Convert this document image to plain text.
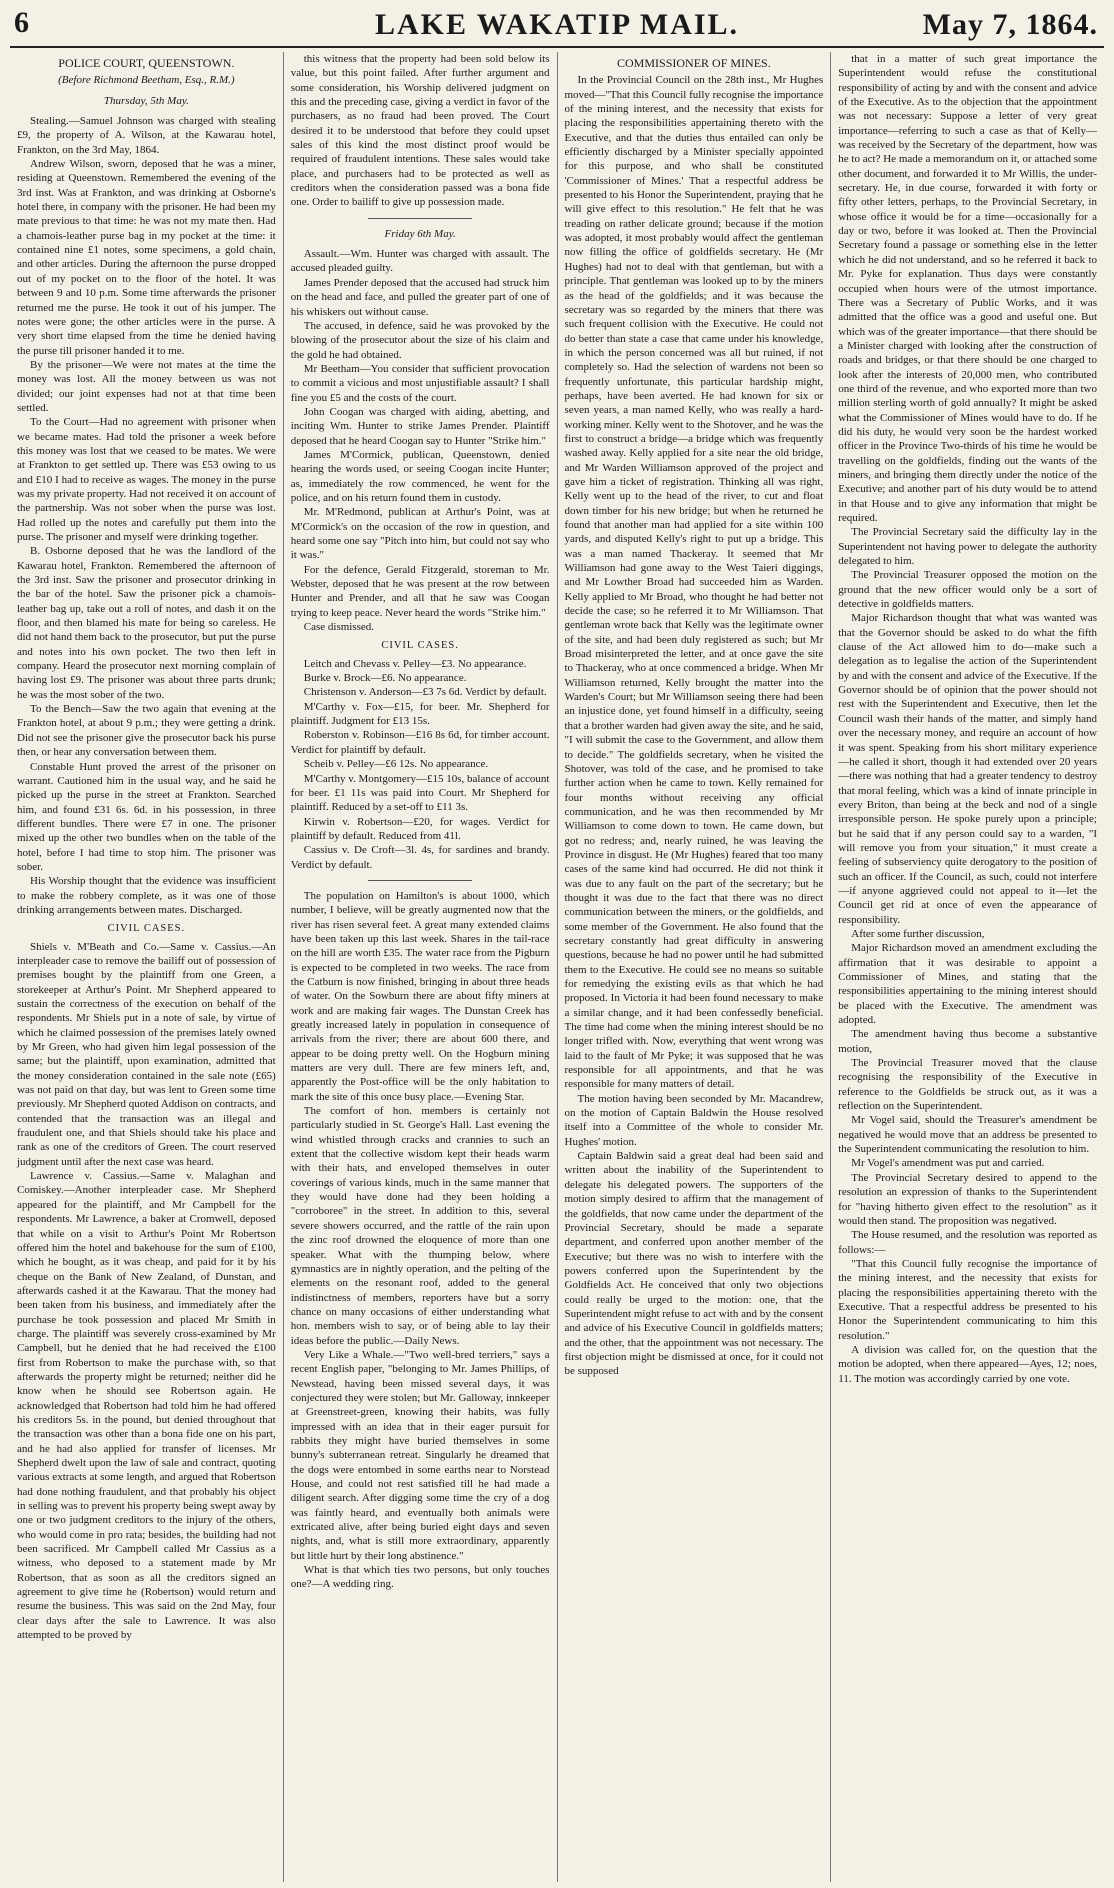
6	LAKE WAKATIP MAIL.	May 7, 1864.
POLICE COURT, QUEENSTOWN.
(Before Richmond Beetham, Esq., R.M.)
Thursday, 5th May.

Stealing.—Samuel Johnson was charged with stealing £9, the property of A. Wilson, at the Kawarau hotel, Frankton, on the 3rd May, 1864.

Andrew Wilson, sworn, deposed that he was a miner, residing at Queenstown. Remembered the evening of the 3rd inst. Was at Frankton, and was drinking at Osborne's hotel there, in company with the prisoner. He had been my mate previous to that time: he was not my mate then. Had a chamois-leather purse bag in my pocket at the time: it contained nine £1 notes, some specimens, a gold chain, and other articles. During the afternoon the purse dropped out of my pocket on to the floor of the hotel. It was between 9 and 10 p.m. Some time afterwards the prisoner returned me the purse. He took it out of his jumper. The notes were gone; the other articles were in the purse. A very short time elapsed from the time he denied having the purse till prisoner handed it to me.

By the prisoner—We were not mates at the time the money was lost. All the money between us was not divided; our joint expenses had not at that time been settled.

To the Court—Had no agreement with prisoner when we became mates. Had told the prisoner a week before this money was lost that we ceased to be mates. We were at Frankton to get settled up. There was £53 owing to us and £10 I had to receive as wages. The money in the purse was my private property. Had not received it on account of the partnership. Was not sober when the purse was lost. Had rolled up the notes and carefully put them into the purse. The prisoner and myself were drinking together.

B. Osborne deposed that he was the landlord of the Kawarau hotel, Frankton. Remembered the afternoon of the 3rd inst. Saw the prisoner and prosecutor drinking in the bar of the hotel. Saw the prisoner pick a chamois-leather bag up, take out a roll of notes, and dash it on the floor, and then blamed his mate for being so careless. He did not hand them back to the prosecutor, but put the purse and notes into his own pocket. The two then left in company. Heard the prosecutor next morning complain of having lost £9. The prisoner was about three parts drunk; he was the most sober of the two.

To the Bench—Saw the two again that evening at the Frankton hotel, at about 9 p.m.; they were getting a drink. Did not see the prisoner give the prosecutor back his purse then, or hear any conversation between them.

Constable Hunt proved the arrest of the prisoner on warrant. Cautioned him in the usual way, and he said he picked up the purse in the street at Frankton. Searched him, and found £31 6s. 6d. in his possession, in three different bundles. There were £7 in one. The prisoner mixed up the other two bundles when on the table of the hotel, before I had time to stop him. The prisoner was sober.

His Worship thought that the evidence was insufficient to make the robbery complete, as it was one of those drinking arrangements between mates. Discharged.

CIVIL CASES.

Shiels v. M'Beath and Co.—Same v. Cassius.—An interpleader case to remove the bailiff out of possession of premises bought by the plaintiff from one Green, a storekeeper at Arthur's Point. Mr Shepherd appeared to sustain the correctness of the execution on behalf of the respondents. Mr Shiels put in a note of sale, by virtue of which he claimed possession of the premises lately owned by Mr Green, who had given him legal possession of the same; but the plaintiff, upon examination, admitted that the money consideration contained in the sale note (£65) was not paid on that day, but was lent to Green some time previously. Mr Shepherd quoted Addison on contracts, and contended that the transaction was an illegal and fraudulent one, and that Shiels should take his place and rank as one of the creditors of Green. The court reserved judgment until after the next case was heard.

Lawrence v. Cassius.—Same v. Malaghan and Comiskey.—Another interpleader case. Mr Shepherd appeared for the plaintiff, and Mr Campbell for the respondents. Mr Lawrence, a baker at Cromwell, deposed that while on a visit to Arthur's Point Mr Robertson offered him the hotel and bakehouse for the sum of £100, which he bought, as it was cheap, and paid for it by his cheque on the Bank of New Zealand, of Dunstan, and afterwards cashed it at the Kawarau. That the money had been taken from his business, and immediately after the purchase he took possession and placed Mr Smith in charge. The plaintiff was severely cross-examined by Mr Campbell, but he denied that he had received the £100 first from Robertson to make the purchase with, so that afterwards the property might be returned; neither did he know when he should see Robertson again. He acknowledged that Robertson had told him he had offered his creditors 5s. in the pound, but denied throughout that the transaction was other than a bona fide one on his part, and he had also applied for transfer of licenses. Mr Shepherd dwelt upon the law of sale and contract, quoting various extracts at some length, and argued that Robertson had done nothing fraudulent, and that probably his object in selling was to prevent his property being swept away by one or two judgment creditors to the injury of the others, who would come in pro rata; besides, the building had not been sacrificed. Mr Campbell called Mr Cassius as a witness, who deposed to a statement made by Mr Robertson, that as soon as all the creditors signed an agreement to give time he (Robertson) would return and resume the business. This was said on the 2nd May, four clear days after the sale to Lawrence. It was also attempted to be proved by

this witness that the property had been sold below its value, but this point failed. After further argument and some consideration, his Worship delivered judgment on this and the preceding case, giving a verdict in favor of the purchasers, as no fraud had been proved. The Court desired it to be understood that before they could upset sales of this kind the most distinct proof would be required of fraudulent intentions. These sales would take place, and purchasers had to be protected as well as creditors when the consideration passed was a bona fide one. Order to bailiff to give up possession made.

Friday 6th May.

Assault.—Wm. Hunter was charged with assault. The accused pleaded guilty.

James Prender deposed that the accused had struck him on the head and face, and pulled the greater part of one of his whiskers out without cause.

The accused, in defence, said he was provoked by the blowing of the prosecutor about the size of his claim and the gold he had obtained.

Mr Beetham—You consider that sufficient provocation to commit a vicious and most unjustifiable assault? I shall fine you £5 and the costs of the court.

John Coogan was charged with aiding, abetting, and inciting Wm. Hunter to strike James Prender. Plaintiff deposed that he heard Coogan say to Hunter "Strike him."

James M'Cormick, publican, Queenstown, denied hearing the words used, or seeing Coogan incite Hunter; as, immediately the row commenced, he went for the police, and on his return found them in custody.

Mr. M'Redmond, publican at Arthur's Point, was at M'Cormick's on the occasion of the row in question, and heard some one say "Pitch into him, but could not say who it was."

For the defence, Gerald Fitzgerald, storeman to Mr. Webster, deposed that he was present at the row between Hunter and Prender, and all that he saw was Coogan trying to keep peace. Never heard the words "Strike him."

Case dismissed.

CIVIL CASES.

Leitch and Chevass v. Pelley—£3. No appearance.

Burke v. Brock—£6. No appearance.

Christenson v. Anderson—£3 7s 6d. Verdict by default.

M'Carthy v. Fox—£15, for beer. Mr. Shepherd for plaintiff. Judgment for £13 15s.

Roberston v. Robinson—£16 8s 6d, for timber account. Verdict for plaintiff by default.

Scheib v. Pelley—£6 12s. No appearance.

M'Carthy v. Montgomery—£15 10s, balance of account for beer. £1 11s was paid into Court. Mr Shepherd for plaintiff. Reduced by a set-off to £11 3s.

Kirwin v. Robertson—£20, for wages. Verdict for plaintiff by default. Reduced from 41l.

Cassius v. De Croft—3l. 4s, for sardines and brandy. Verdict by default.

The population on Hamilton's is about 1000, which number, I believe, will be greatly augmented now that the river has risen several feet. A great many extended claims have been taken up this last week. Shares in the tail-race on the hill are worth £35. The water race from the Pigburn is expected to be completed in two weeks. The race from the Catburn is now finished, bringing in about three heads of water. On the Sowburn there are about fifty miners at work and are making fair wages. The Dunstan Creek has greatly increased lately in population in consequence of arrivals from the river; there are about 600 there, and appear to be doing pretty well. On the Hogburn mining matters are very dull. There are few miners left, and, apparently the Post-office will be the only habitation to mark the site of this once busy place.—Evening Star.

The comfort of hon. members is certainly not particularly studied in St. George's Hall. Last evening the wind whistled through cracks and crannies to such an extent that the collective wisdom kept their heads warm with their hats, and enveloped themselves in outer coverings of various kinds, much in the same manner that they would have done had they been holding a "corroboree" in the street. In addition to this, several severe showers occurred, and the rattle of the rain upon the zinc roof drowned the eloquence of more than one speaker. What with the thumping below, where gymnastics are in nightly operation, and the pelting of the elements on the resonant roof, added to the general indistinctness of members, reporters have but a sorry chance on many occasions of either understanding what hon. members wish to say, or of being able to lay their ideas before the public.—Daily News.

Very Like a Whale.—"Two well-bred terriers," says a recent English paper, "belonging to Mr. James Phillips, of Newstead, having been missed several days, it was conjectured they were stolen; but Mr. Galloway, innkeeper at Greenstreet-green, knowing their habits, was fully impressed with an idea that in their eager pursuit for rabbits they might have buried themselves in some bunny's subterranean retreat. Singularly he dreamed that the dogs were entombed in some earths near to Norstead House, and could not rest satisfied till he had made a diligent search. After digging some time the cry of a dog was faintly heard, and eventually both animals were extricated alive, after being buried eight days and seven nights, and, what is still more extraordinary, apparently but little hurt by their long abstinence."

What is that which ties two persons, but only touches one?—A wedding ring.

COMMISSIONER OF MINES.

In the Provincial Council on the 28th inst., Mr Hughes moved—"That this Council fully recognise the importance of the mining interest, and the necessity that exists for placing the responsibilities appertaining thereto with the Executive, and that the duties thus entailed can only be efficiently discharged by a Minister specially appointed for this purpose, and who shall be constituted 'Commissioner of Mines.' That a respectful address be presented to his Honor the Superintendent, praying that he will give effect to this resolution." He felt that he was treading on rather delicate ground; because if the motion was adopted, it most probably would affect the gentleman now filling the office of goldfields secretary. He (Mr Hughes) had not to deal with that gentleman, but with a principle. That gentleman was looked up to by the miners as the head of the goldfields; and it was because the secretary was so regarded by the miners that there was such frequent collision with the Executive. He could not do better than state a case that came under his knowledge, in which the person concerned was all but ruined, if not completely so. Had the selection of wardens not been so frequently unfortunate, this particular hardship might, perhaps, have been averted. He had known for six or seven years, a man named Kelly, who was really a hard-working miner. Kelly went to the Shotover, and he was the first to construct a bridge—a bridge which was frequently washed away. Kelly applied for a site near the old bridge, and Mr Warden Williamson approved of the project and gave him a ticket of registration. Thinking all was right, Kelly went up to the head of the river, to cut and float down timber for his new bridge; but when he returned he found that another man had applied for a site within 100 yards, and disputed Kelly's right to put up a bridge. This was a man named Thackeray. It seemed that Mr Williamson had gone away to the West Taieri diggings, and Mr Lowther Broad had succeeded him as Warden. Kelly applied to Mr Broad, who thought he had better not decide the case; so he referred it to Mr Williamson. That gentleman wrote back that Kelly was the legitimate owner of the site, and had been duly registered as such; but Mr Broad misinterpreted the letter, and at once gave the site to Thackeray, who at once commenced a bridge. When Mr Williamson returned, Kelly brought the matter into the Warden's Court; but Mr Williamson seeing there had been an injustice done, yet found himself in a difficulty, seeing that a brother warden had given away the site, and he said, "I will submit the case to the Government, and allow them to decide." The goldfields secretary, when he visited the Shotover, was told of the case, and he promised to take further action when he came to town. Kelly remained for four months without receiving any official communication, and he was then recommended by Mr Williamson to come down to town. He came down, but got no redress; and, nearly ruined, he was leaving the Province in disgust. He (Mr Hughes) feared that too many cases of the same kind had occurred. He did not think it was due to any fault on the part of the secretary; but he thought it was due to the fact that there was no direct communication between the miners, or the goldfields, and some member of the Government. He also found that the secretary constantly had great difficulty in answering questions, because he had no power until he had submitted them to the Executive. He could see no means so suitable for remedying the existing evils as that which he had proposed. In Victoria it had been found necessary to make a similar change, and it had been confessedly beneficial. The time had come when the mining interest should be no longer trifled with. Now, everything that went wrong was laid to the fault of Mr Pyke; it was supposed that he was responsible for all appointments, and that he was responsible for many matters of detail.

The motion having been seconded by Mr. Macandrew, on the motion of Captain Baldwin the House resolved itself into a Committee of the whole to consider Mr. Hughes' motion.

Captain Baldwin said a great deal had been said and written about the inability of the Superintendent to delegate his delegated powers. The supporters of the motion simply desired to affirm that the management of the goldfields, that now came under the department of the Provincial Secretary, should be made a separate department, and conferred upon another member of the Executive; but there was no wish to interfere with the powers conferred upon the Superintendent by the Goldfields Act. He conceived that only two objections could really be urged to the motion: one, that the Superintendent might refuse to act with and by the consent and advice of his Executive Council in goldfields matters; and the other, that the appointment was not necessary. The first objection might be dismissed at once, for it could not be supposed

that in a matter of such great importance the Superintendent would refuse the constitutional responsibility of acting by and with the consent and advice of the Executive. As to the objection that the appointment was not necessary: Suppose a letter of very great importance—referring to such a case as that of Kelly—was received by the Secretary of the department, how was he to act? He made a memorandum on it, or attached some other document, and forwarded it to Mr Willis, the under-secretary. He, in due course, forwarded it with forty or fifty other letters, perhaps, to the Provincial Secretary, in whose office it would be for a time—occasionally for a day or two, before it was looked at. Then the Provincial Secretary found a passage or something else in the letter which he did not understand, and so he referred it back to Mr. Pyke for explanation. Thus days were constantly occupied when hours were of the utmost importance. There was a Secretary of Public Works, and it was admitted that the office was a good and useful one. But which was of the greater importance—that there should be a Minister charged with looking after the construction of roads and bridges, or that there should be one charged to look after the interests of 20,000 men, who contributed one third of the revenue, and who exported more than two million sterling worth of gold annually? It might be asked what the Commissioner of Mines would have to do. If he did his duty, he would very soon be the hardest worked officer in the Province Two-thirds of his time he would be travelling on the goldfields, finding out the wants of the miners, and bringing them directly under the notice of the Executive; and another part of his duty would be to attend in that House and to give any information that might be required.

The Provincial Secretary said the difficulty lay in the Superintendent not having power to delegate the authority delegated to him.

The Provincial Treasurer opposed the motion on the ground that the new officer would only be a sort of detective in goldfields matters.

Major Richardson thought that what was wanted was that the Governor should be asked to do what the fifth clause of the Act allowed him to do—make such a delegation as to legalise the action of the Superintendent by and with the consent and advice of the Executive. If the Governor should be of opinion that the power should not rest with the Superintendent and Executive, then let the Council wash their hands of the matter, and simply hand over the necessary money, and require an account of how it was spent. Speaking from his short military experience—he called it short, though it had extended over 20 years—there was nothing that had a greater tendency to destroy that moral feeling, which was a kind of innate principle in every Briton, than being at the beck and nod of a single irresponsible person. He spoke purely upon a principle; but he said that if any person could say to a warden, "I will remove you from your situation," it must create a feeling of subserviency quite derogatory to the position of such an officer. If the Council, as such, could not interfere—if anyone aggrieved could not appeal to it—let the Council get rid at once of even the appearance of responsibility.

After some further discussion,

Major Richardson moved an amendment excluding the affirmation that it was desirable to appoint a Commissioner of Mines, and stating that the responsibilities appertaining to the mining interest should be placed with the Executive. The amendment was adopted.

The amendment having thus become a substantive motion,

The Provincial Treasurer moved that the clause recognising the responsibility of the Executive in reference to the Goldfields be struck out, as it was a reflection on the Superintendent.

Mr Vogel said, should the Treasurer's amendment be negatived he would move that an address be presented to the Superintendent communicating the resolution to him.

Mr Vogel's amendment was put and carried.

The Provincial Secretary desired to append to the resolution an expression of thanks to the Superintendent for "having hitherto given effect to the resolution" as it would then stand. The proposition was negatived.

The House resumed, and the resolution was reported as follows:—

"That this Council fully recognise the importance of the mining interest, and the necessity that exists for placing the responsibilities appertaining thereto with the Executive. That a respectful address be presented to his Honor the Superintendent communicating to him this resolution."

A division was called for, on the question that the motion be adopted, when there appeared—Ayes, 12; noes, 11. The motion was accordingly carried by one vote.
